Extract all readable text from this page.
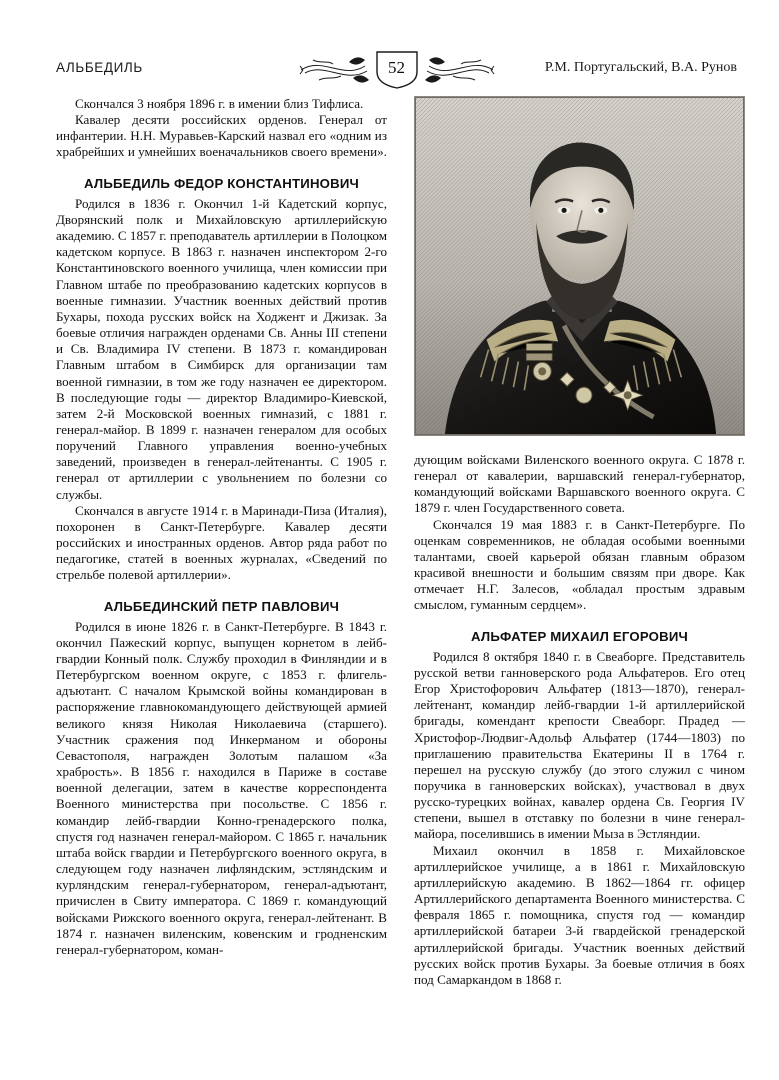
АЛЬБЕДИЛЬ	52	Р.М. Португальский, В.А. Рунов

Скончался 3 ноября 1896 г. в имении близ Тифлиса.

Кавалер десяти российских орденов. Генерал от инфантерии. Н.Н. Муравьев-Карский назвал его «одним из храбрейших и умнейших военачальников своего времени».

АЛЬБЕДИЛЬ ФЕДОР КОНСТАНТИНОВИЧ

Родился в 1836 г. Окончил 1-й Кадетский корпус, Дворянский полк и Михайловскую артиллерийскую академию. С 1857 г. преподаватель артиллерии в Полоцком кадетском корпусе. В 1863 г. назначен инспектором 2-го Константиновского военного училища, член комиссии при Главном штабе по преобразованию кадетских корпусов в военные гимназии. Участник военных действий против Бухары, похода русских войск на Ходжент и Джизак. За боевые отличия награжден орденами Св. Анны III степени и Св. Владимира IV степени. В 1873 г. командирован Главным штабом в Симбирск для организации там военной гимназии, в том же году назначен ее директором. В последующие годы — директор Владимиро-Киевской, затем 2-й Московской военных гимназий, с 1881 г. генерал-майор. В 1899 г. назначен генералом для особых поручений Главного управления военно-учебных заведений, произведен в генерал-лейтенанты. С 1905 г. генерал от артиллерии с увольнением по болезни со службы.

Скончался в августе 1914 г. в Маринади-Пиза (Италия), похоронен в Санкт-Петербурге. Кавалер десяти российских и иностранных орденов. Автор ряда работ по педагогике, статей в военных журналах, «Сведений по стрельбе полевой артиллерии».

АЛЬБЕДИНСКИЙ ПЕТР ПАВЛОВИЧ

Родился в июне 1826 г. в Санкт-Петербурге. В 1843 г. окончил Пажеский корпус, выпущен корнетом в лейб-гвардии Конный полк. Службу проходил в Финляндии и в Петербургском военном округе, с 1853 г. флигель-адъютант. С началом Крымской войны командирован в распоряжение главнокомандующего действующей армией великого князя Николая Николаевича (старшего). Участник сражения под Инкерманом и обороны Севастополя, награжден Золотым палашом «За храбрость». В 1856 г. находился в Париже в составе военной делегации, затем в качестве корреспондента Военного министерства при посольстве. С 1856 г. командир лейб-гвардии Конно-гренадерского полка, спустя год назначен генерал-майором. С 1865 г. начальник штаба войск гвардии и Петербургского военного округа, в следующем году назначен лифляндским, эстляндским и курляндским генерал-губернатором, генерал-адъютант, причислен в Свиту императора. С 1869 г. командующий войсками Рижского военного округа, генерал-лейтенант. В 1874 г. назначен виленским, ковенским и гродненским генерал-губернатором, коман-

дующим войсками Виленского военного округа. С 1878 г. генерал от кавалерии, варшавский генерал-губернатор, командующий войсками Варшавского военного округа. С 1879 г. член Государственного совета.

Скончался 19 мая 1883 г. в Санкт-Петербурге. По оценкам современников, не обладая особыми военными талантами, своей карьерой обязан главным образом красивой внешности и большим связям при дворе. Как отмечает Н.Г. Залесов, «обладал простым здравым смыслом, гуманным сердцем».

АЛЬФАТЕР МИХАИЛ ЕГОРОВИЧ

Родился 8 октября 1840 г. в Свеаборге. Представитель русской ветви ганноверского рода Альфатеров. Его отец Егор Христофорович Альфатер (1813—1870), генерал-лейтенант, командир лейб-гвардии 1-й артиллерийской бригады, комендант крепости Свеаборг. Прадед — Христофор-Людвиг-Адольф Альфатер (1744—1803) по приглашению правительства Екатерины II в 1764 г. перешел на русскую службу (до этого служил с чином поручика в ганноверских войсках), участвовал в двух русско-турецких войнах, кавалер ордена Св. Георгия IV степени, вышел в отставку по болезни в чине генерал-майора, поселившись в имении Мыза в Эстляндии.

Михаил окончил в 1858 г. Михайловское артиллерийское училище, а в 1861 г. Михайловскую артиллерийскую академию. В 1862—1864 гг. офицер Артиллерийского департамента Военного министерства. С февраля 1865 г. помощника, спустя год — командир артиллерийской батареи 3-й гвардейской гренадерской артиллерийской бригады. Участник военных действий русских войск против Бухары. За боевые отличия в боях под Самаркандом в 1868 г.
